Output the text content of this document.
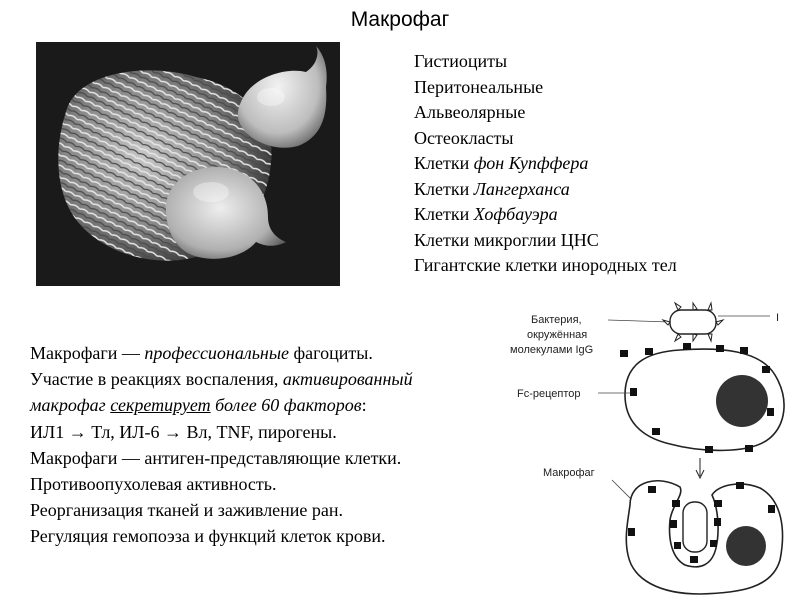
Макрофаг
Гистиоциты
Перитонеальные
Альвеолярные
Остеокласты
Клетки фон Купффера
Клетки Лангерханса
Клетки Хофбауэра
Клетки микроглии ЦНС
Гигантские клетки инородных тел
Макрофаги — профессиональные фагоциты.
Участие в реакциях воспаления, активированный
макрофаг секретирует более 60 факторов:
ИЛ1 → Тл, ИЛ-6 → Вл, TNF, пирогены.
Макрофаги — антиген-представляющие клетки.
Противоопухолевая активность.
Реорганизация тканей и заживление ран.
Регуляция гемопоэза и функций клеток крови.
Бактерия,
окружённая
молекулами IgG
I
Fc-рецептор
Макрофаг
